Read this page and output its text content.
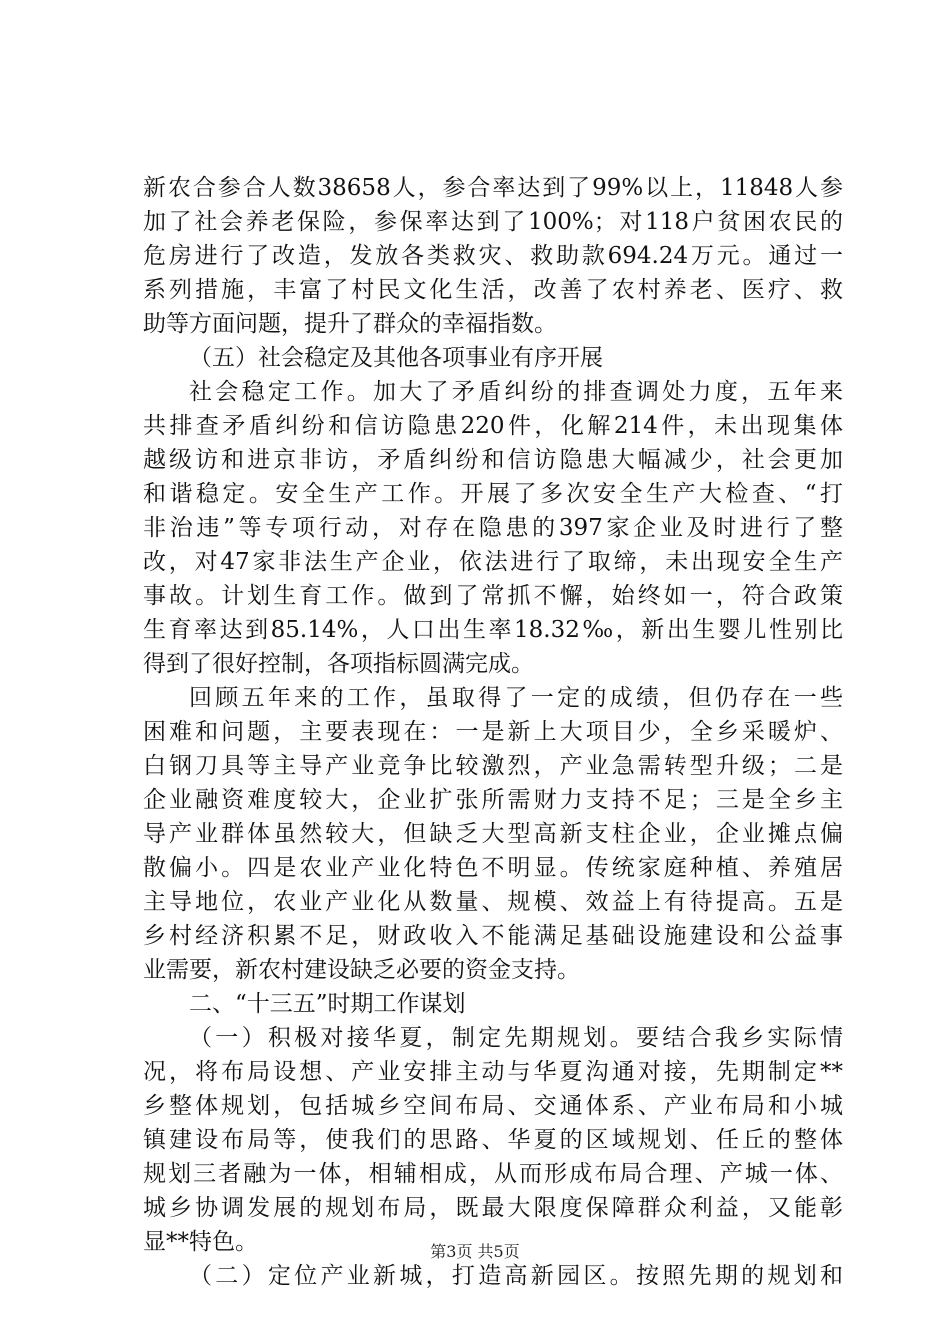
新农合参合人数38658人，参合率达到了99%以上，11848人参
加了社会养老保险，参保率达到了100%；对118户贫困农民的
危房进行了改造，发放各类救灾、救助款694.24万元。通过一
系列措施，丰富了村民文化生活，改善了农村养老、医疗、救
助等方面问题，提升了群众的幸福指数。
（五）社会稳定及其他各项事业有序开展
社会稳定工作。加大了矛盾纠纷的排查调处力度，五年来
共排查矛盾纠纷和信访隐患220件，化解214件，未出现集体
越级访和进京非访，矛盾纠纷和信访隐患大幅减少，社会更加
和谐稳定。安全生产工作。开展了多次安全生产大检查、“打
非治违”等专项行动，对存在隐患的397家企业及时进行了整
改，对47家非法生产企业，依法进行了取缔，未出现安全生产
事故。计划生育工作。做到了常抓不懈，始终如一，符合政策
生育率达到85.14%，人口出生率18.32‰，新出生婴儿性别比
得到了很好控制，各项指标圆满完成。
回顾五年来的工作，虽取得了一定的成绩，但仍存在一些
困难和问题，主要表现在：一是新上大项目少，全乡采暖炉、
白钢刀具等主导产业竞争比较激烈，产业急需转型升级；二是
企业融资难度较大，企业扩张所需财力支持不足；三是全乡主
导产业群体虽然较大，但缺乏大型高新支柱企业，企业摊点偏
散偏小。四是农业产业化特色不明显。传统家庭种植、养殖居
主导地位，农业产业化从数量、规模、效益上有待提高。五是
乡村经济积累不足，财政收入不能满足基础设施建设和公益事
业需要，新农村建设缺乏必要的资金支持。
二、“十三五”时期工作谋划
（一）积极对接华夏，制定先期规划。要结合我乡实际情
况，将布局设想、产业安排主动与华夏沟通对接，先期制定**
乡整体规划，包括城乡空间布局、交通体系、产业布局和小城
镇建设布局等，使我们的思路、华夏的区域规划、任丘的整体
规划三者融为一体，相辅相成，从而形成布局合理、产城一体、
城乡协调发展的规划布局，既最大限度保障群众利益，又能彰
显**特色。
（二）定位产业新城，打造高新园区。按照先期的规划和
第3页 共5页
